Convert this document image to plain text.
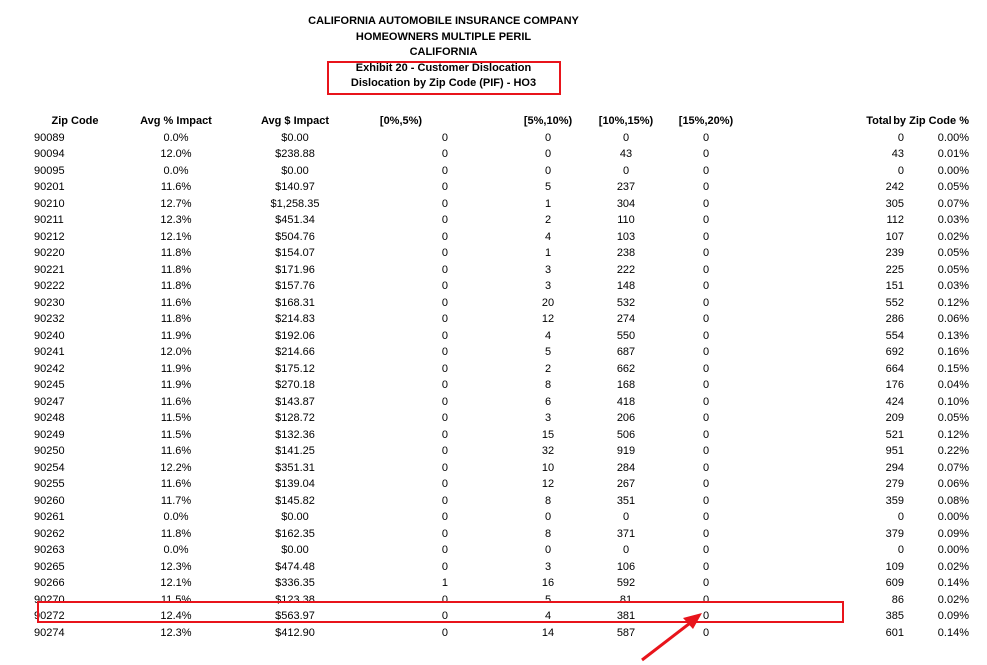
CALIFORNIA AUTOMOBILE INSURANCE COMPANY
HOMEOWNERS MULTIPLE PERIL
CALIFORNIA
Exhibit 20 - Customer Dislocation
Dislocation by Zip Code (PIF) - HO3
	Zip Code	Avg % Impact	Avg $ Impact	[0%,5%)		[5%,10%)	[10%,15%)	[15%,20%)		Total	% by Zip Code
	90089	0.0%	$0.00	0		0	0	0		0	0.00%
	90094	12.0%	$238.88	0		0	43	0		43	0.01%
	90095	0.0%	$0.00	0		0	0	0		0	0.00%
	90201	11.6%	$140.97	0		5	237	0		242	0.05%
	90210	12.7%	$1,258.35	0		1	304	0		305	0.07%
	90211	12.3%	$451.34	0		2	110	0		112	0.03%
	90212	12.1%	$504.76	0		4	103	0		107	0.02%
	90220	11.8%	$154.07	0		1	238	0		239	0.05%
	90221	11.8%	$171.96	0		3	222	0		225	0.05%
	90222	11.8%	$157.76	0		3	148	0		151	0.03%
	90230	11.6%	$168.31	0		20	532	0		552	0.12%
	90232	11.8%	$214.83	0		12	274	0		286	0.06%
	90240	11.9%	$192.06	0		4	550	0		554	0.13%
	90241	12.0%	$214.66	0		5	687	0		692	0.16%
	90242	11.9%	$175.12	0		2	662	0		664	0.15%
	90245	11.9%	$270.18	0		8	168	0		176	0.04%
	90247	11.6%	$143.87	0		6	418	0		424	0.10%
	90248	11.5%	$128.72	0		3	206	0		209	0.05%
	90249	11.5%	$132.36	0		15	506	0		521	0.12%
	90250	11.6%	$141.25	0		32	919	0		951	0.22%
	90254	12.2%	$351.31	0		10	284	0		294	0.07%
	90255	11.6%	$139.04	0		12	267	0		279	0.06%
	90260	11.7%	$145.82	0		8	351	0		359	0.08%
	90261	0.0%	$0.00	0		0	0	0		0	0.00%
	90262	11.8%	$162.35	0		8	371	0		379	0.09%
	90263	0.0%	$0.00	0		0	0	0		0	0.00%
	90265	12.3%	$474.48	0		3	106	0		109	0.02%
	90266	12.1%	$336.35	1		16	592	0		609	0.14%
	90270	11.5%	$123.38	0		5	81	0		86	0.02%
	90272	12.4%	$563.97	0		4	381	0		385	0.09%
	90274	12.3%	$412.90	0		14	587	0		601	0.14%
